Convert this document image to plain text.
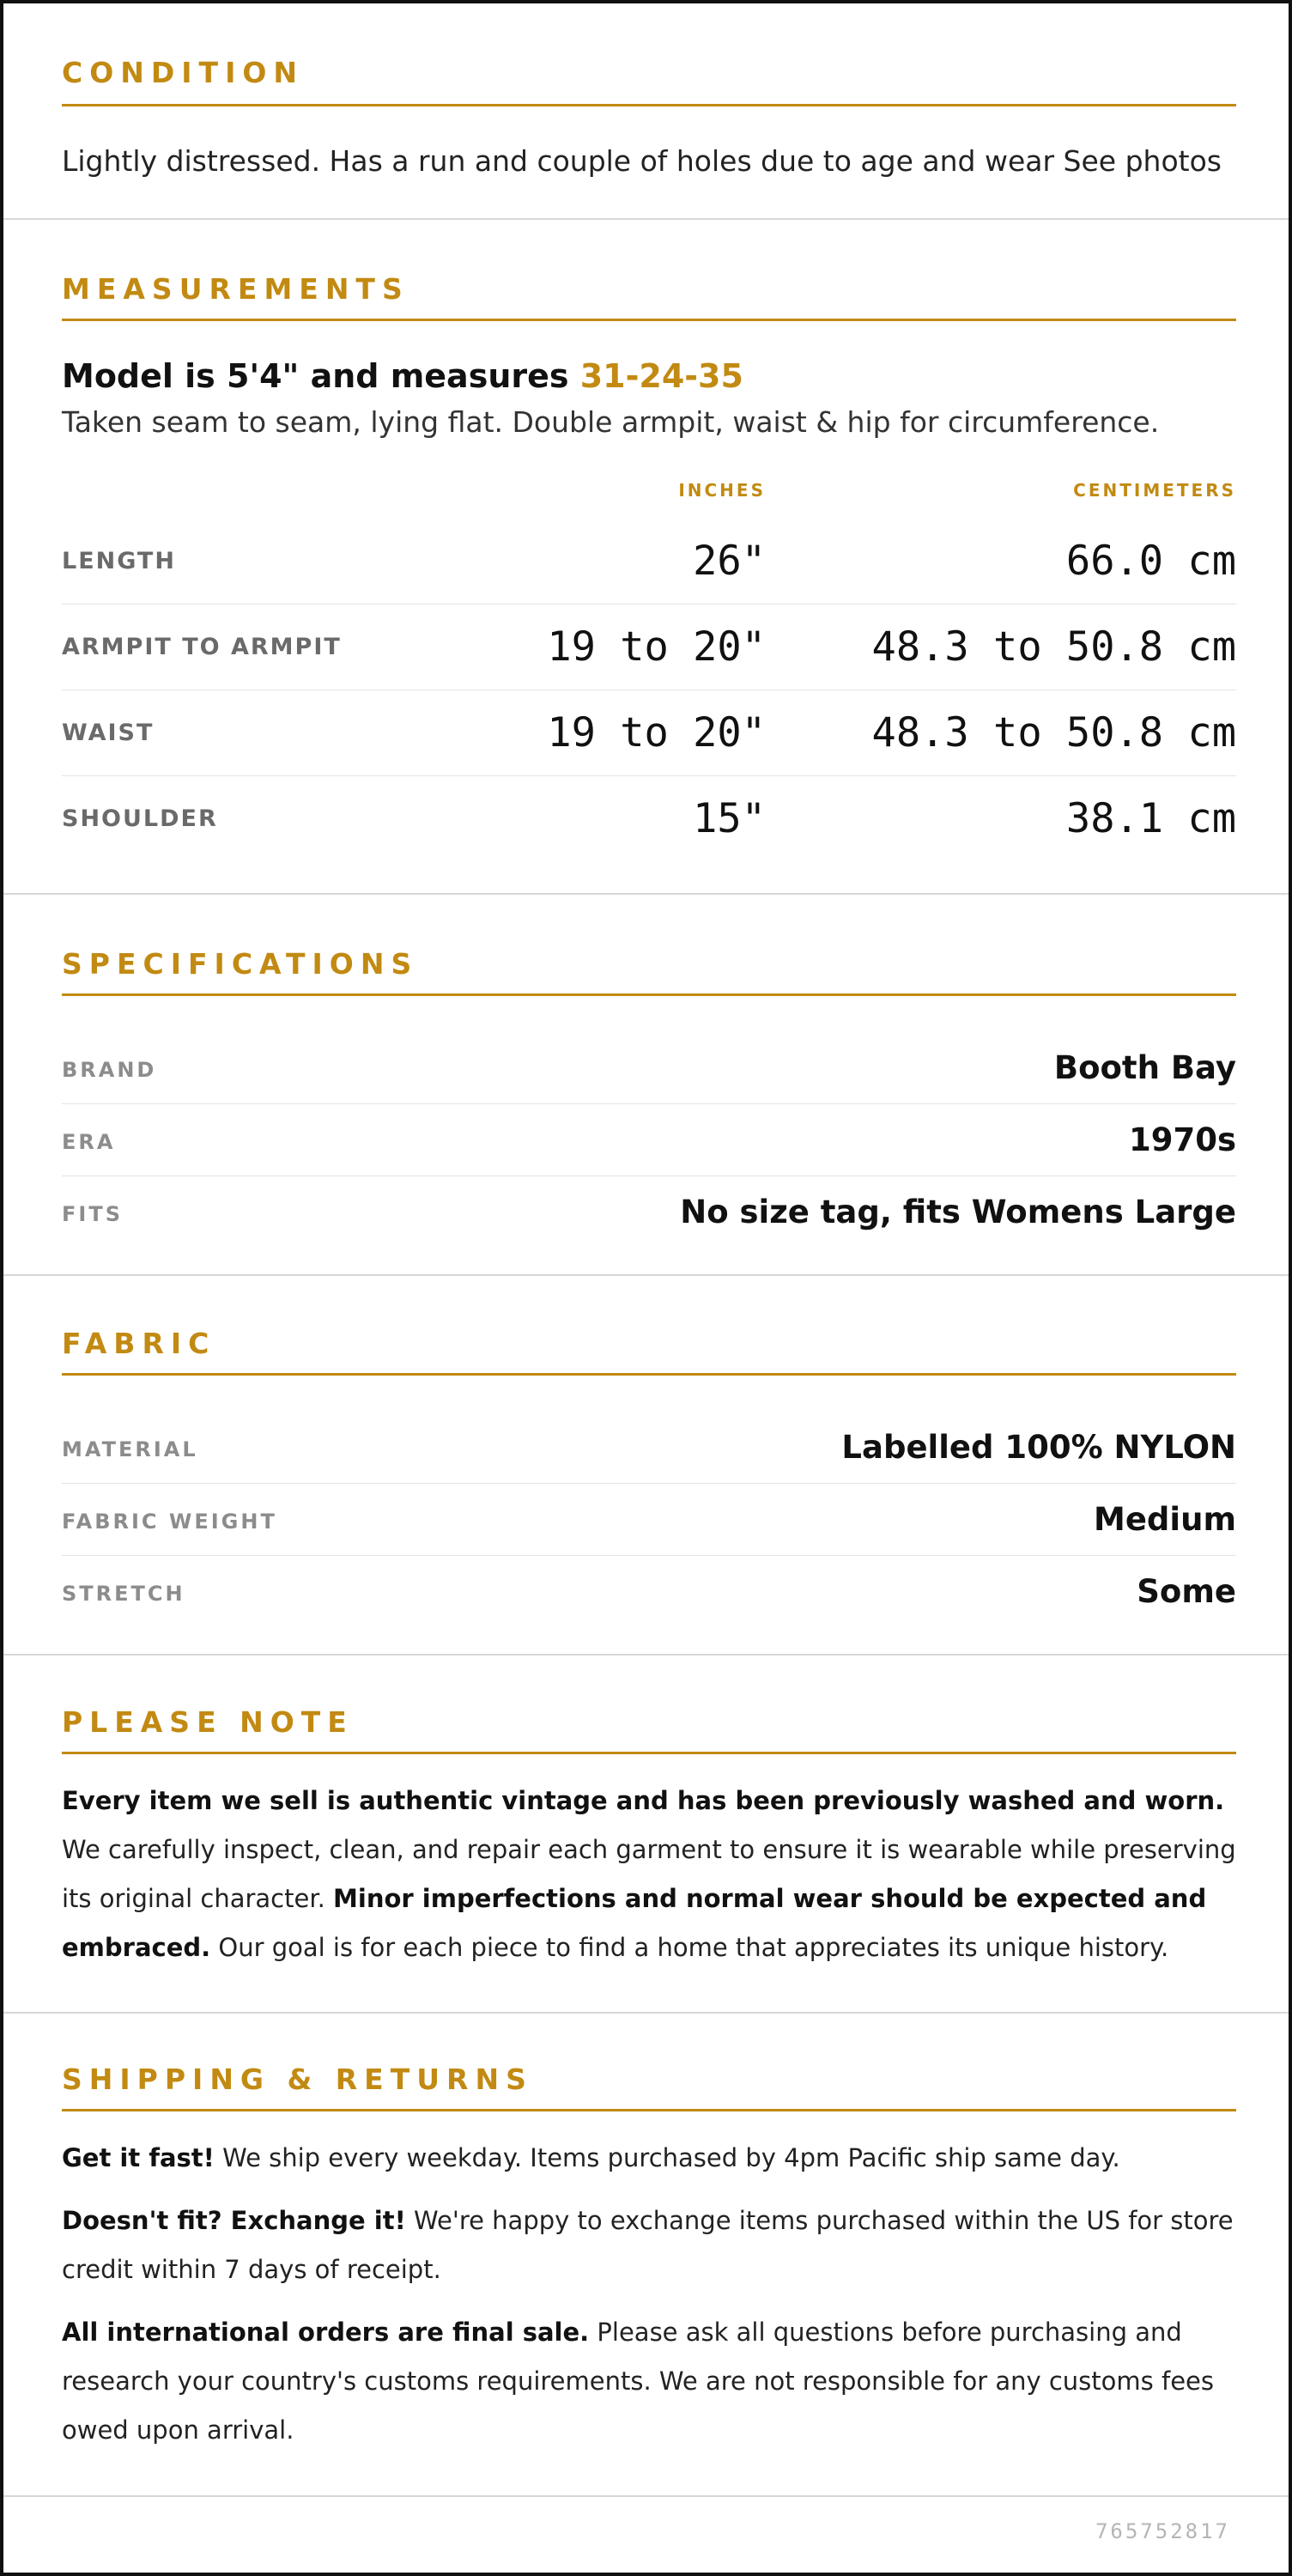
CONDITION
Lightly distressed. Has a run and couple of holes due to age and wear See photos
MEASUREMENTS
Model is 5'4" and measures 31-24-35
Taken seam to seam, lying flat. Double armpit, waist & hip for circumference.
INCHES	CENTIMETERS
LENGTH	26"	66.0 cm
ARMPIT TO ARMPIT	19 to 20"	48.3 to 50.8 cm
WAIST	19 to 20"	48.3 to 50.8 cm
SHOULDER	15"	38.1 cm
SPECIFICATIONS
BRAND	Booth Bay
ERA	1970s
FITS	No size tag, fits Womens Large
FABRIC
MATERIAL	Labelled 100% NYLON
FABRIC WEIGHT	Medium
STRETCH	Some
PLEASE NOTE
Every item we sell is authentic vintage and has been previously washed and worn. We carefully inspect, clean, and repair each garment to ensure it is wearable while preserving its original character. Minor imperfections and normal wear should be expected and embraced. Our goal is for each piece to find a home that appreciates its unique history.
SHIPPING & RETURNS
Get it fast! We ship every weekday. Items purchased by 4pm Pacific ship same day.
Doesn't fit? Exchange it! We're happy to exchange items purchased within the US for store credit within 7 days of receipt.
All international orders are final sale. Please ask all questions before purchasing and research your country's customs requirements. We are not responsible for any customs fees owed upon arrival.
765752817
